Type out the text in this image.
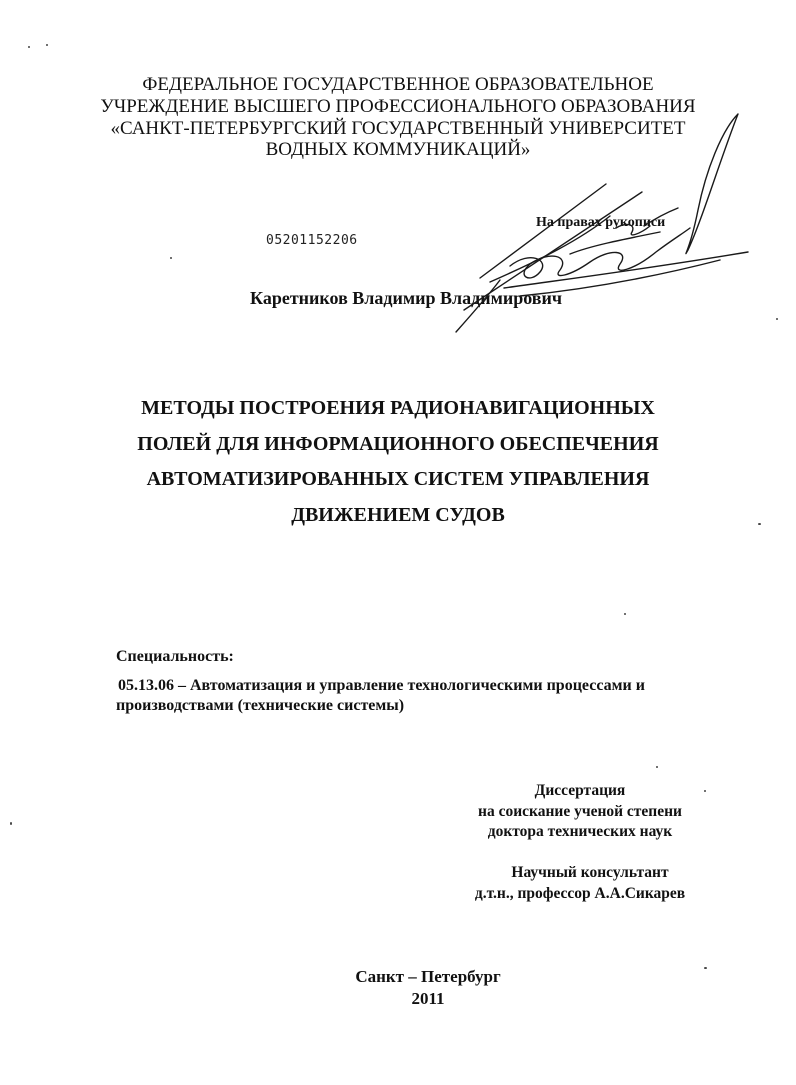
ФЕДЕРАЛЬНОЕ ГОСУДАРСТВЕННОЕ ОБРАЗОВАТЕЛЬНОЕ
УЧРЕЖДЕНИЕ ВЫСШЕГО ПРОФЕССИОНАЛЬНОГО ОБРАЗОВАНИЯ
«САНКТ-ПЕТЕРБУРГСКИЙ ГОСУДАРСТВЕННЫЙ УНИВЕРСИТЕТ
ВОДНЫХ КОММУНИКАЦИЙ»
05201152206
На правах рукописи
Каретников Владимир Владимирович
МЕТОДЫ ПОСТРОЕНИЯ РАДИОНАВИГАЦИОННЫХ
ПОЛЕЙ ДЛЯ ИНФОРМАЦИОННОГО ОБЕСПЕЧЕНИЯ
АВТОМАТИЗИРОВАННЫХ СИСТЕМ УПРАВЛЕНИЯ
ДВИЖЕНИЕМ СУДОВ
Специальность:
05.13.06 – Автоматизация и управление технологическими процессами и
производствами (технические системы)
Диссертация
на соискание ученой степени
доктора технических наук
Научный консультант
д.т.н., профессор А.А.Сикарев
Санкт – Петербург
2011
